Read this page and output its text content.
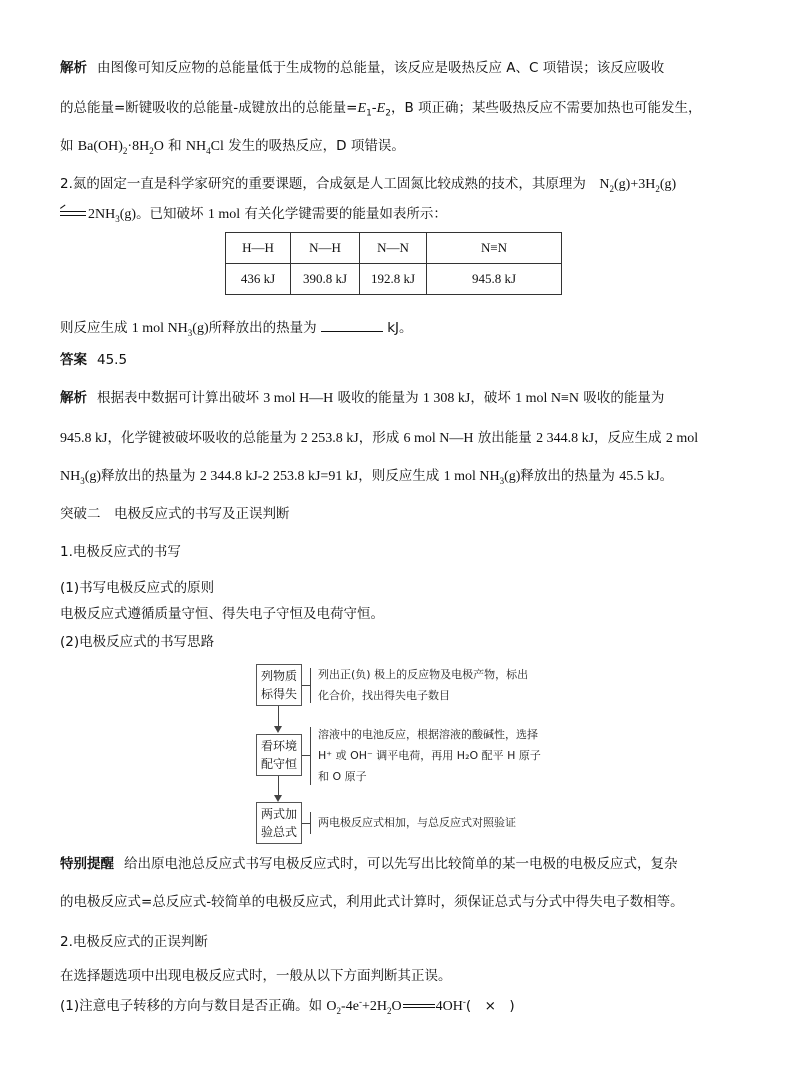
解析 由图像可知反应物的总能量低于生成物的总能量，该反应是吸热反应 A、C 项错误；该反应吸收
的总能量=断键吸收的总能量-成键放出的总能量$=E_1-E_2$，B 项正确；某些吸热反应不需要加热也可能发生，
如 $Ba(OH)_2\cdot 8H_2O$ 和 $NH_4Cl$ 发生的吸热反应，D 项错误。
2.氮的固定一直是科学家研究的重要课题，合成氨是人工固氮比较成熟的技术，其原理为　$N_2(g)+3H_2(g)$
$2NH_3(g)$。已知破坏 1 mol 有关化学键需要的能量如表所示：
H—H	N—H	N—N	N≡N
436 kJ	390.8 kJ	192.8 kJ	945.8 kJ
则反应生成 1 mol $NH_3(g)$所释放出的热量为	kJ。
答案 45.5
解析 根据表中数据可计算出破坏 3 mol H—H 吸收的能量为 1 308 kJ，破坏 1 mol N≡N 吸收的能量为
945.8 kJ，化学键被破坏吸收的总能量为 2 253.8 kJ，形成 6 mol N—H 放出能量 2 344.8 kJ，反应生成 2 mol
$NH_3(g)$释放出的热量为 2 344.8 kJ-2 253.8 kJ=91 kJ，则反应生成 1 mol $NH_3(g)$释放出的热量为 45.5 kJ。
突破二　电极反应式的书写及正误判断
1.电极反应式的书写
(1)书写电极反应式的原则
电极反应式遵循质量守恒、得失电子守恒及电荷守恒。
(2)电极反应式的书写思路
列物质
标得失
看环境
配守恒
两式加
验总式
列出正(负) 极上的反应物及电极产物，标出
化合价，找出得失电子数目
溶液中的电池反应，根据溶液的酸碱性，选择
H⁺ 或 OH⁻ 调平电荷，再用 H₂O 配平 H 原子
和 O 原子
两电极反应式相加，与总反应式对照验证
特别提醒 给出原电池总反应式书写电极反应式时，可以先写出比较简单的某一电极的电极反应式，复杂
的电极反应式=总反应式-较简单的电极反应式，利用此式计算时，须保证总式与分式中得失电子数相等。
2.电极反应式的正误判断
在选择题选项中出现电极反应式时，一般从以下方面判断其正误。
(1)注意电子转移的方向与数目是否正确。如 $O_2-4e^-+2H_2O$ 4OH-(　×　)
